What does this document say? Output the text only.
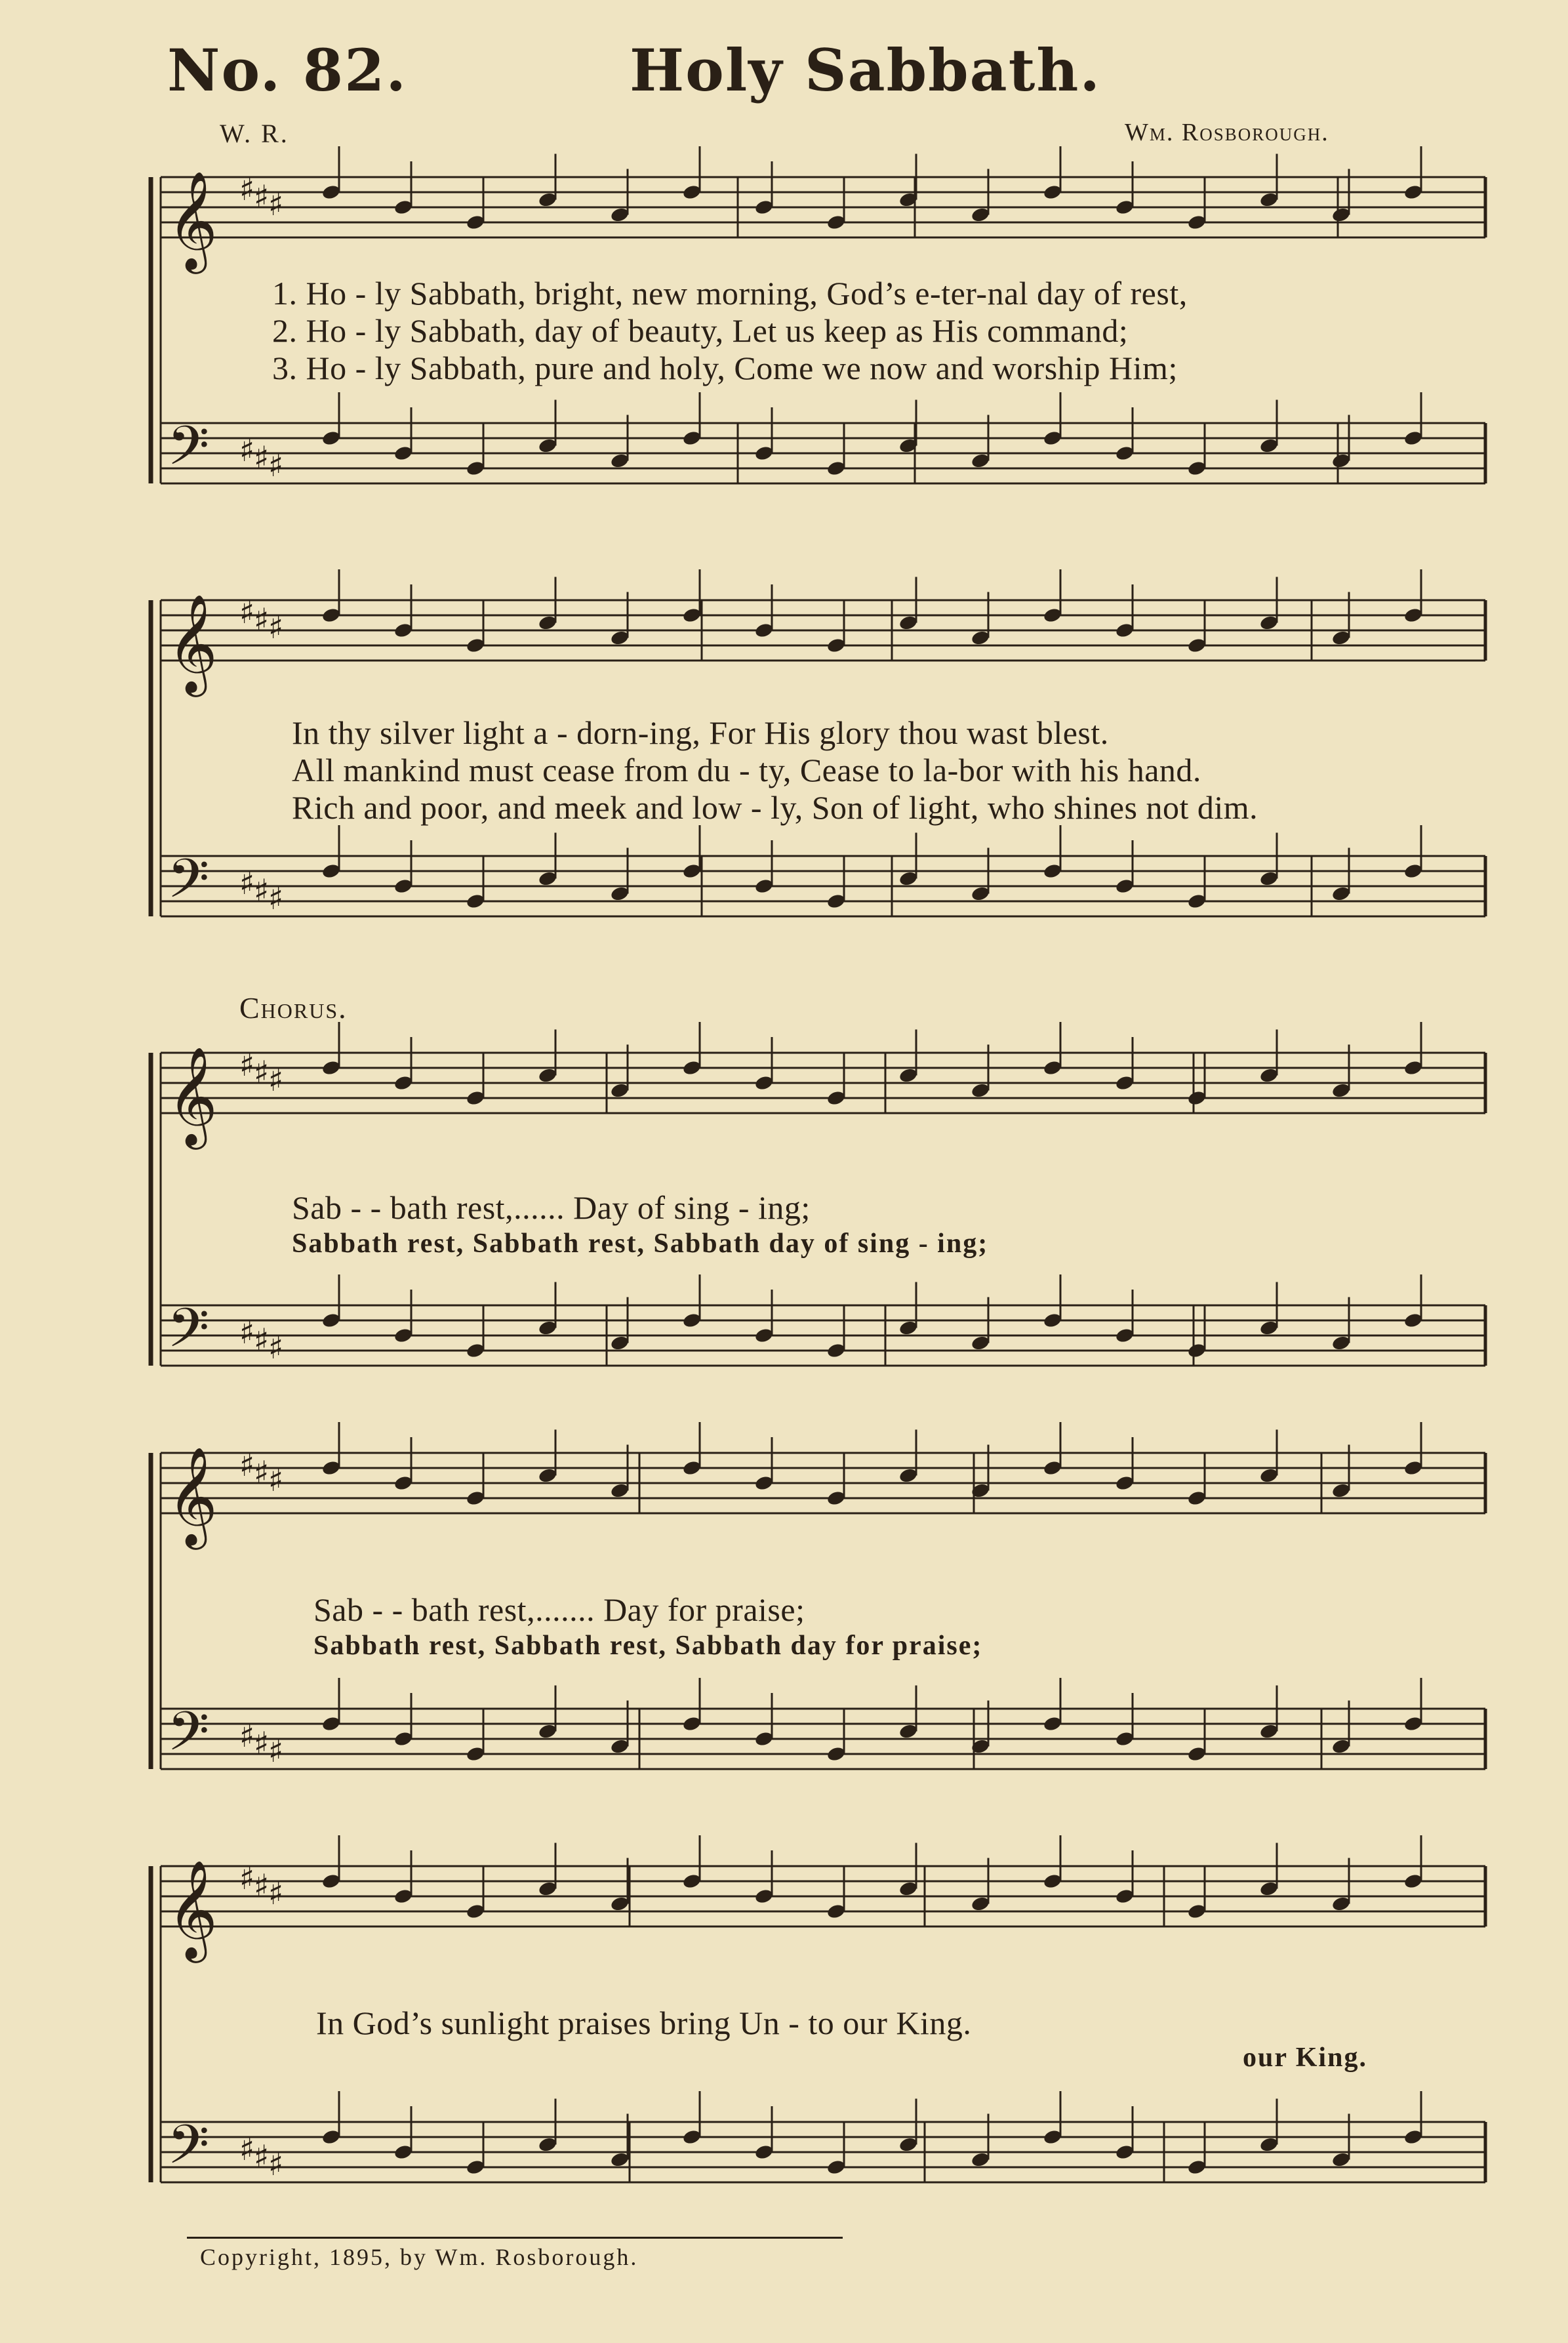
No. 82.	Holy Sabbath.
W. R.	Wm. Rosborough.
𝄞
𝄢
♯
♯
♯
♯
♯
♯
𝄞
𝄢
♯
♯
♯
♯
♯
♯
𝄞
𝄢
♯
♯
♯
♯
♯
♯
𝄞
𝄢
♯
♯
♯
♯
♯
♯
𝄞
𝄢
♯
♯
♯
♯
♯
♯
1. Ho - ly Sabbath, bright, new morning, God’s e-ter-nal day of rest,
2. Ho - ly Sabbath, day of beauty, Let us keep as His command;
3. Ho - ly Sabbath, pure and holy, Come we now and worship Him;
In thy silver light a - dorn-ing, For His glory thou wast blest.
All mankind must cease from du - ty, Cease to la-bor with his hand.
Rich and poor, and meek and low - ly, Son of light, who shines not dim.
Chorus.
Sab - - bath rest,...... Day of sing - ing;
Sabbath rest, Sabbath rest, Sabbath day of sing - ing;
Sab - - bath rest,....... Day for praise;
Sabbath rest, Sabbath rest, Sabbath day for praise;
In God’s sunlight praises bring Un - to our King.
our King.
Copyright, 1895, by Wm. Rosborough.
